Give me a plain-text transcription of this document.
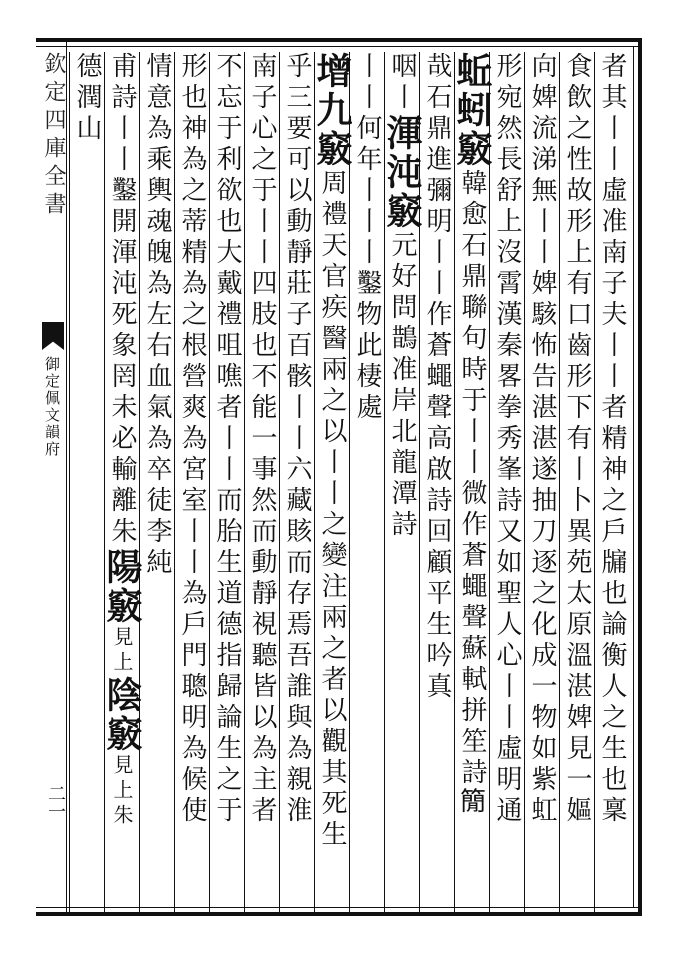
欽定四庫全書
御定佩文韻府
二一	者其丨丨虛准南子夫丨丨者精神之戶牖也論衡人之生也稟
食飲之性故形上有口齒形下有丨卜異苑太原溫湛婢見一嫗
向婢流涕無丨丨婢駭怖告湛湛遂抽刀逐之化成一物如紫虹
形宛然長舒上沒霄漢秦畧拳秀峯詩又如聖人心丨丨虛明通
蚯蚓竅韓愈石鼎聯句時于丨丨微作蒼蠅聲蘇軾拼笙詩𥳑
哉石鼎進彌明丨丨作蒼蠅聲高啟詩回顧平生吟真
咽丨渾沌竅元好問鵲准岸北龍潭詩
丨丨何年丨丨丨鑿物此棲處
增九竅周禮天官疾醫兩之以丨丨之變注兩之者以觀其死生
乎三要可以動靜莊子百骸丨丨六藏賅而存焉吾誰與為親淮
南子心之于丨丨四肢也不能一事然而動靜視聽皆以為主者
不忘于利欲也大戴禮咀噍者丨丨而胎生道德指歸論生之于
形也神為之蒂精為之根營爽為宮室丨丨為戶門聰明為候使
情意為乘輿魂魄為左右血氣為卒徒李純
甫詩丨丨鑿開渾沌死象罔未必輸離朱陽竅見上陰竅見上朱
德潤山
